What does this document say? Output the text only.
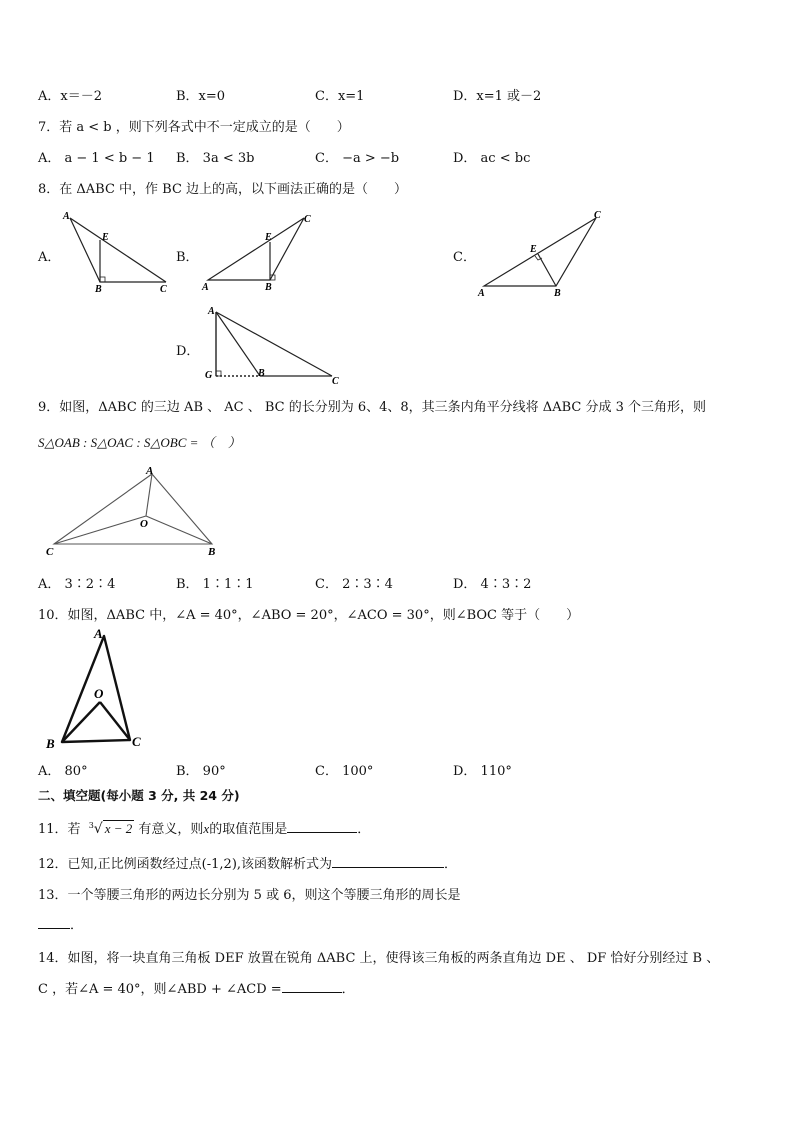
A．x＝－2	B．x=0	C．x=1	D．x=1 或－2
7．若 a < b ，则下列各式中不一定成立的是（　　）
A． a − 1 < b − 1 B． 3a < 3b	C． −a > −b	D． ac < bc
8．在 ΔABC 中，作 BC 边上的高，以下画法正确的是（　　）
A．	B．	C．
D．
A
E
B	C	A
E
B
C
A
E
B
C
A
G	B
C
9．如图，ΔABC 的三边 AB 、 AC 、 BC 的长分别为 6、4、8，其三条内角平分线将 ΔABC 分成 3 个三角形，则
S△OAB : S△OAC : S△OBC = （　）
A
O
C	B
A． 3∶2∶4	B． 1∶1∶1	C． 2∶3∶4	D． 4∶3∶2
10．如图，ΔABC 中，∠A = 40°，∠ABO = 20°，∠ACO = 30°，则∠BOC 等于（　　）
A
O
B	C
A． 80°	B． 90°	C． 100°	D． 110°
二、填空题(每小题 3 分, 共 24 分)
11．若 $^3$√ x − 2 有意义，则x的取值范围是	．
12．已知,正比例函数经过点(-1,2),该函数解析式为	．
13．一个等腰三角形的两边长分别为 5 或 6，则这个等腰三角形的周长是
．
14．如图，将一块直角三角板 DEF 放置在锐角 ΔABC 上，使得该三角板的两条直角边 DE 、 DF 恰好分别经过 B 、
C ，若∠A = 40°，则∠ABD + ∠ACD =	．
